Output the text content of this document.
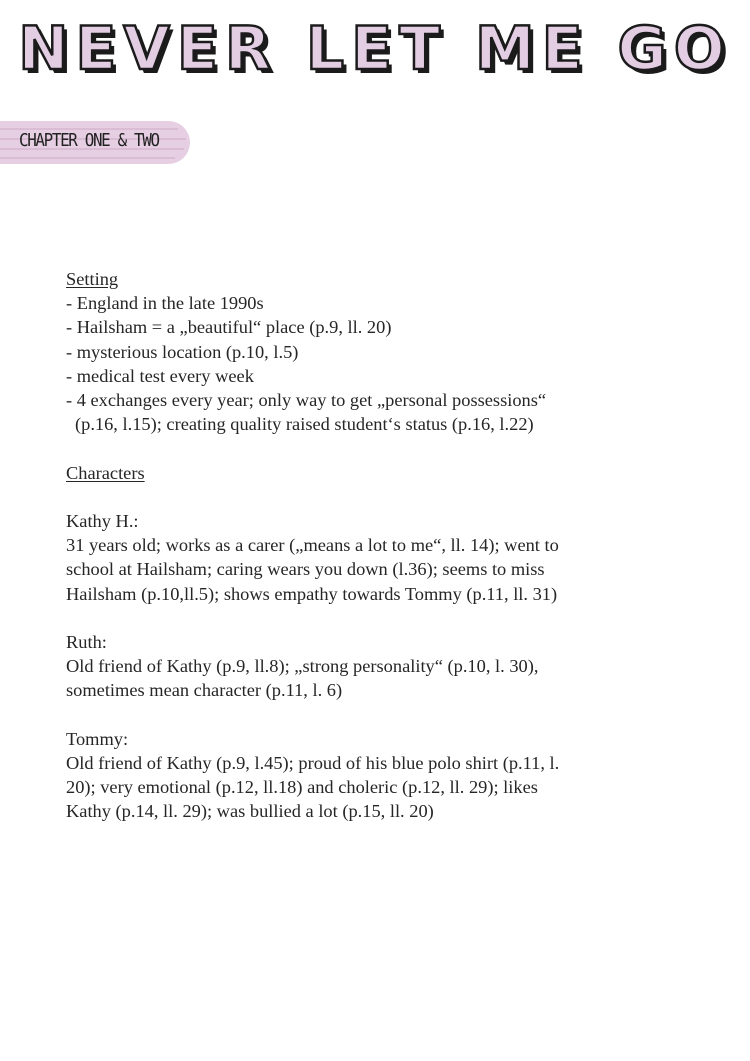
NEVER LET ME GO
CHAPTER ONE & TWO
Setting
- England in the late 1990s
- Hailsham = a „beautiful“ place (p.9, ll. 20)
- mysterious location (p.10, l.5)
- medical test every week
- 4 exchanges every year; only way to get „personal possessions“
(p.16, l.15); creating quality raised student‘s status (p.16, l.22)
Characters
Kathy H.:
31 years old; works as a carer („means a lot to me“, ll. 14); went to
school at Hailsham; caring wears you down (l.36); seems to miss
Hailsham (p.10,ll.5); shows empathy towards Tommy (p.11, ll. 31)
Ruth:
Old friend of Kathy (p.9, ll.8); „strong personality“ (p.10, l. 30),
sometimes mean character (p.11, l. 6)
Tommy:
Old friend of Kathy (p.9, l.45); proud of his blue polo shirt (p.11, l.
20); very emotional (p.12, ll.18) and choleric (p.12, ll. 29); likes
Kathy (p.14, ll. 29); was bullied a lot (p.15, ll. 20)
